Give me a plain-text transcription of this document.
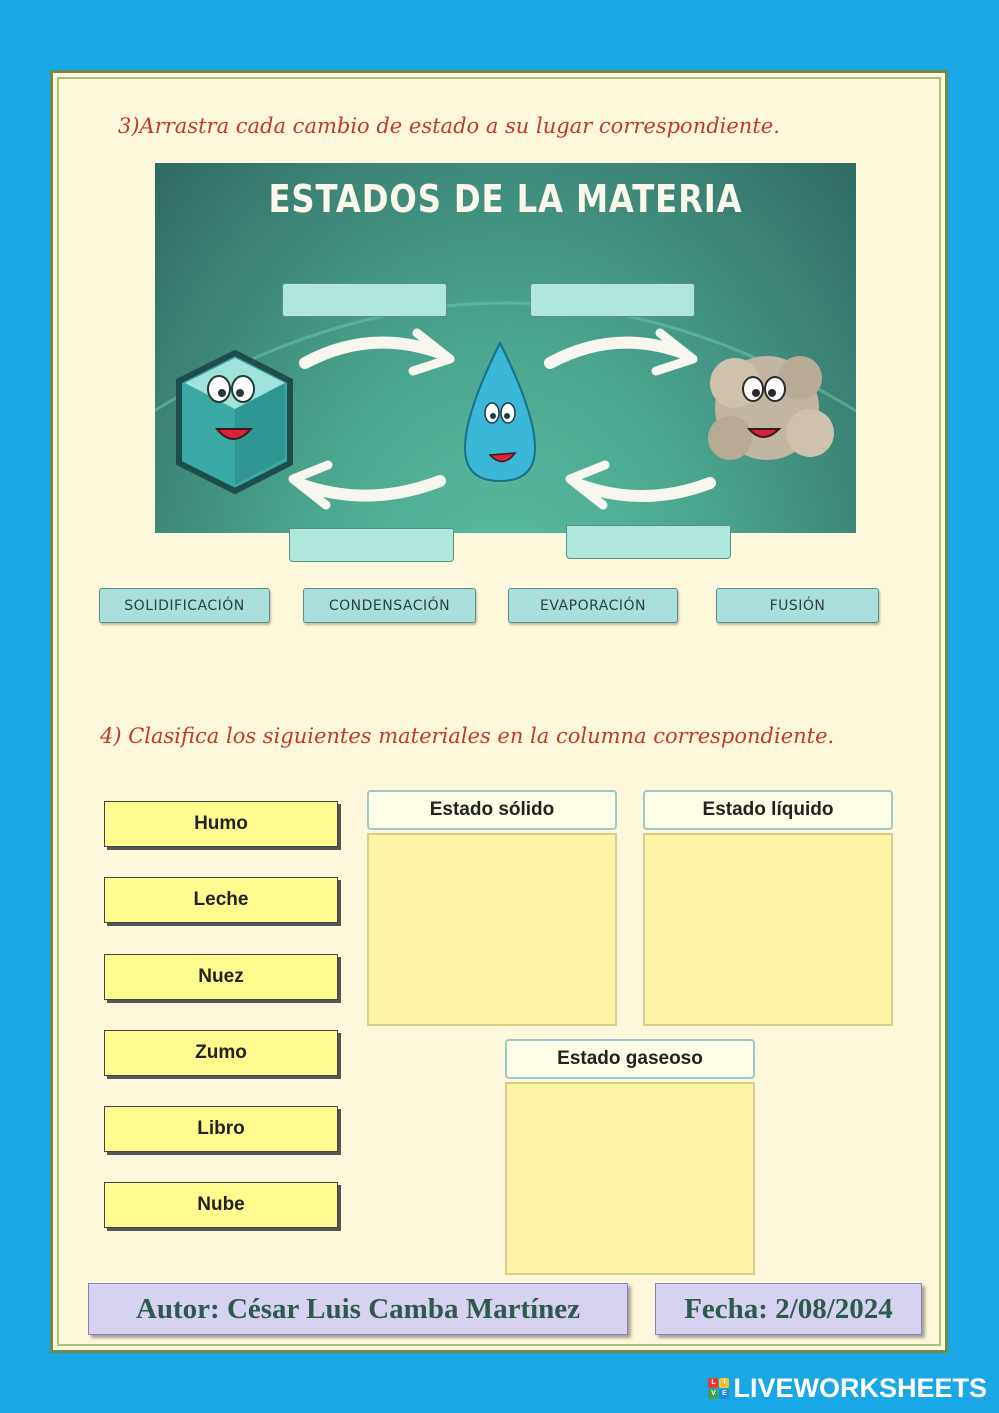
3)Arrastra cada cambio de estado a su lugar correspondiente.
ESTADOS DE LA MATERIA
SOLIDIFICACIÓN	CONDENSACIÓN	EVAPORACIÓN	FUSIÓN
4) Clasifica los siguientes materiales en la columna correspondiente.
Humo
Leche
Nuez
Zumo
Libro
Nube
Estado sólido	Estado líquido
Estado gaseoso
Autor: César Luis Camba Martínez	Fecha: 2/08/2024
L	I
V E LIVEWORKSHEETS
